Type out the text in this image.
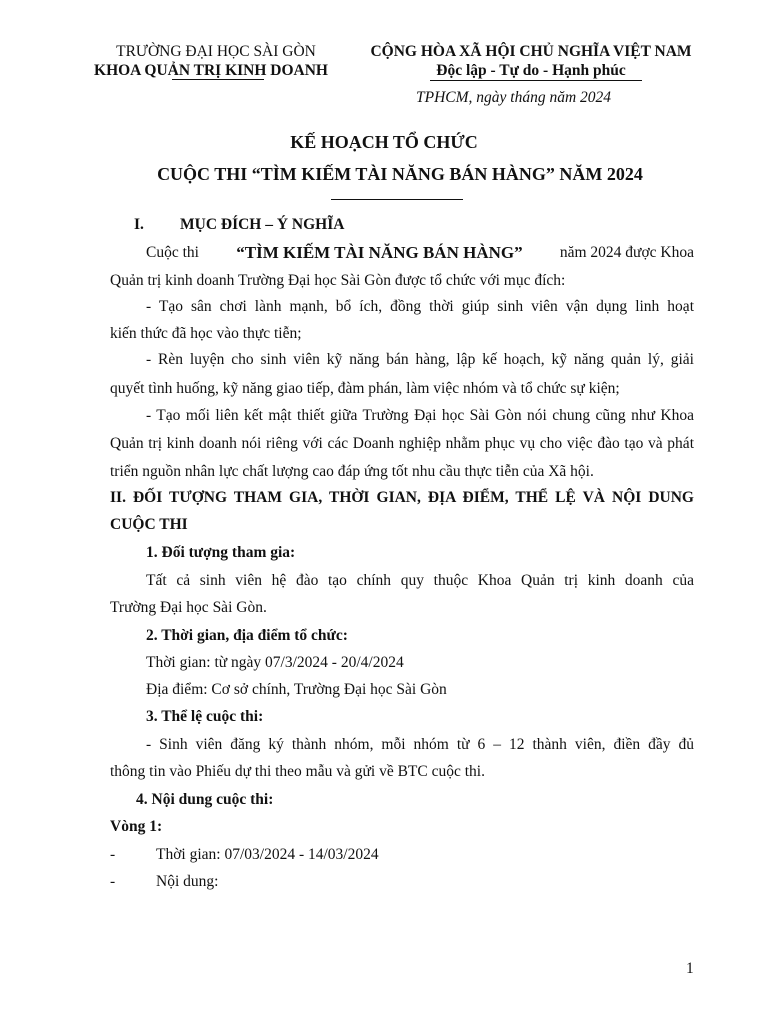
TRƯỜNG ĐẠI HỌC SÀI GÒN
KHOA QUẢN TRỊ KINH DOANH
CỘNG HÒA XÃ HỘI CHỦ NGHĨA VIỆT NAM
Độc lập - Tự do - Hạnh phúc
TPHCM, ngày tháng năm 2024
KẾ HOẠCH TỔ CHỨC
CUỘC THI “TÌM KIẾM TÀI NĂNG BÁN HÀNG” NĂM 2024
I. MỤC ĐÍCH – Ý NGHĨA
Cuộc thi “TÌM KIẾM TÀI NĂNG BÁN HÀNG” năm 2024 được Khoa
Quản trị kinh doanh Trường Đại học Sài Gòn được tổ chức với mục đích:
- Tạo sân chơi lành mạnh, bổ ích, đồng thời giúp sinh viên vận dụng linh hoạt
kiến thức đã học vào thực tiễn;
- Rèn luyện cho sinh viên kỹ năng bán hàng, lập kế hoạch, kỹ năng quản lý, giải
quyết tình huống, kỹ năng giao tiếp, đàm phán, làm việc nhóm và tổ chức sự kiện;
- Tạo mối liên kết mật thiết giữa Trường Đại học Sài Gòn nói chung cũng như Khoa
Quản trị kinh doanh nói riêng với các Doanh nghiệp nhằm phục vụ cho việc đào tạo và phát
triển nguồn nhân lực chất lượng cao đáp ứng tốt nhu cầu thực tiễn của Xã hội.
II. ĐỐI TƯỢNG THAM GIA, THỜI GIAN, ĐỊA ĐIỂM, THỂ LỆ VÀ NỘI DUNG
CUỘC THI
1. Đối tượng tham gia:
Tất cả sinh viên hệ đào tạo chính quy thuộc Khoa Quản trị kinh doanh của
Trường Đại học Sài Gòn.
2. Thời gian, địa điểm tổ chức:
Thời gian: từ ngày 07/3/2024 - 20/4/2024
Địa điểm: Cơ sở chính, Trường Đại học Sài Gòn
3. Thể lệ cuộc thi:
- Sinh viên đăng ký thành nhóm, mỗi nhóm từ 6 – 12 thành viên, điền đầy đủ
thông tin vào Phiếu dự thi theo mẫu và gửi về BTC cuộc thi.
4. Nội dung cuộc thi:
Vòng 1:
-	Thời gian: 07/03/2024 - 14/03/2024
-	Nội dung:
1
